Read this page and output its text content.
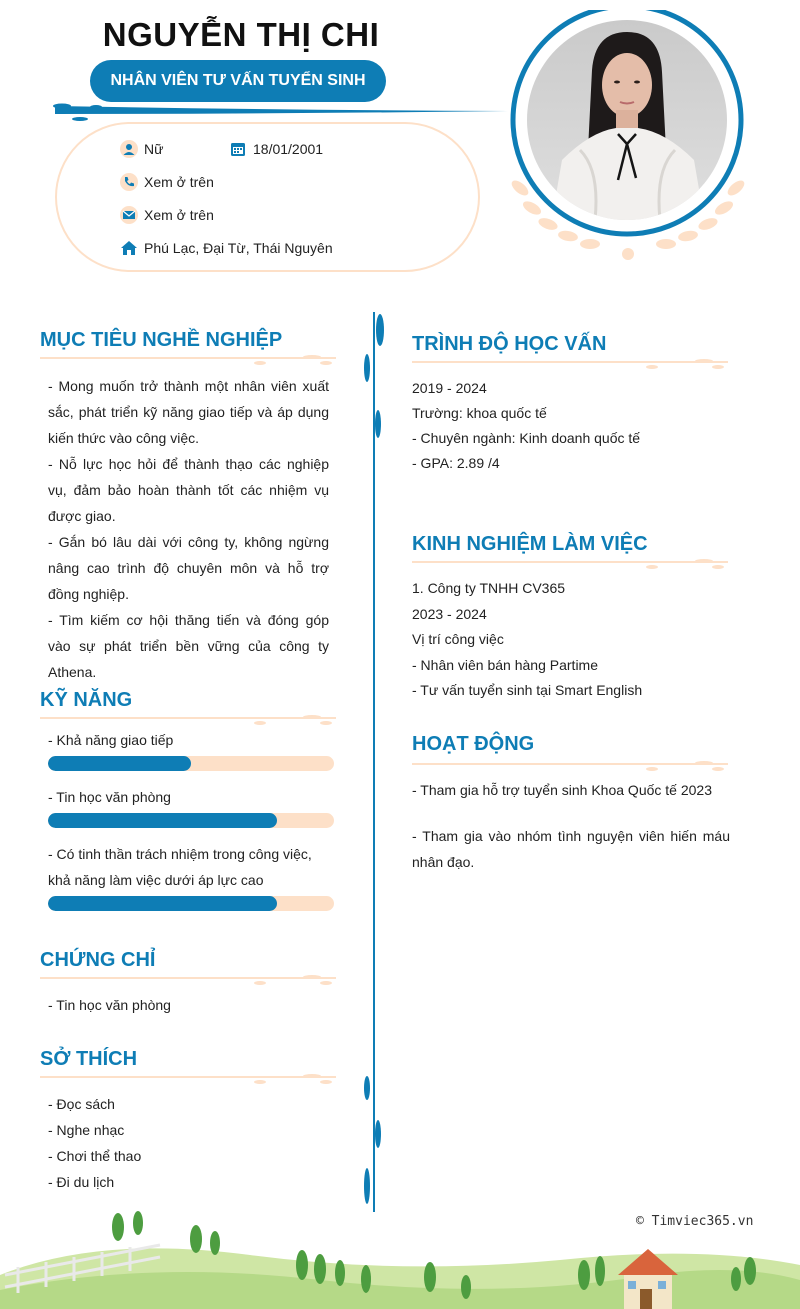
NGUYỄN THỊ CHI
NHÂN VIÊN TƯ VẤN TUYỂN SINH
Nữ	18/01/2001
Xem ở trên
Xem ở trên
Phú Lạc, Đại Từ, Thái Nguyên
MỤC TIÊU NGHỀ NGHIỆP

- Mong muốn trở thành một nhân viên xuất sắc, phát triển kỹ năng giao tiếp và áp dụng kiến thức vào công việc.

- Nỗ lực học hỏi để thành thạo các nghiệp vụ, đảm bảo hoàn thành tốt các nhiệm vụ được giao.

- Gắn bó lâu dài với công ty, không ngừng nâng cao trình độ chuyên môn và hỗ trợ đồng nghiệp.

- Tìm kiếm cơ hội thăng tiến và đóng góp vào sự phát triển bền vững của công ty Athena.

KỸ NĂNG
- Khả năng giao tiếp
- Tin học văn phòng
- Có tinh thần trách nhiệm trong công việc, khả năng làm việc dưới áp lực cao
CHỨNG CHỈ

- Tin học văn phòng

SỞ THÍCH

- Đọc sách

- Nghe nhạc

- Chơi thể thao

- Đi du lịch

TRÌNH ĐỘ HỌC VẤN

2019 - 2024

Trường: khoa quốc tế

- Chuyên ngành: Kinh doanh quốc tế

- GPA: 2.89 /4

KINH NGHIỆM LÀM VIỆC

1. Công ty TNHH CV365

2023 - 2024

Vị trí công việc

- Nhân viên bán hàng Partime

- Tư vấn tuyển sinh tại Smart English

HOẠT ĐỘNG

- Tham gia hỗ trợ tuyển sinh Khoa Quốc tế 2023

- Tham gia vào nhóm tình nguyện viên hiến máu nhân đạo.

© Timviec365.vn
